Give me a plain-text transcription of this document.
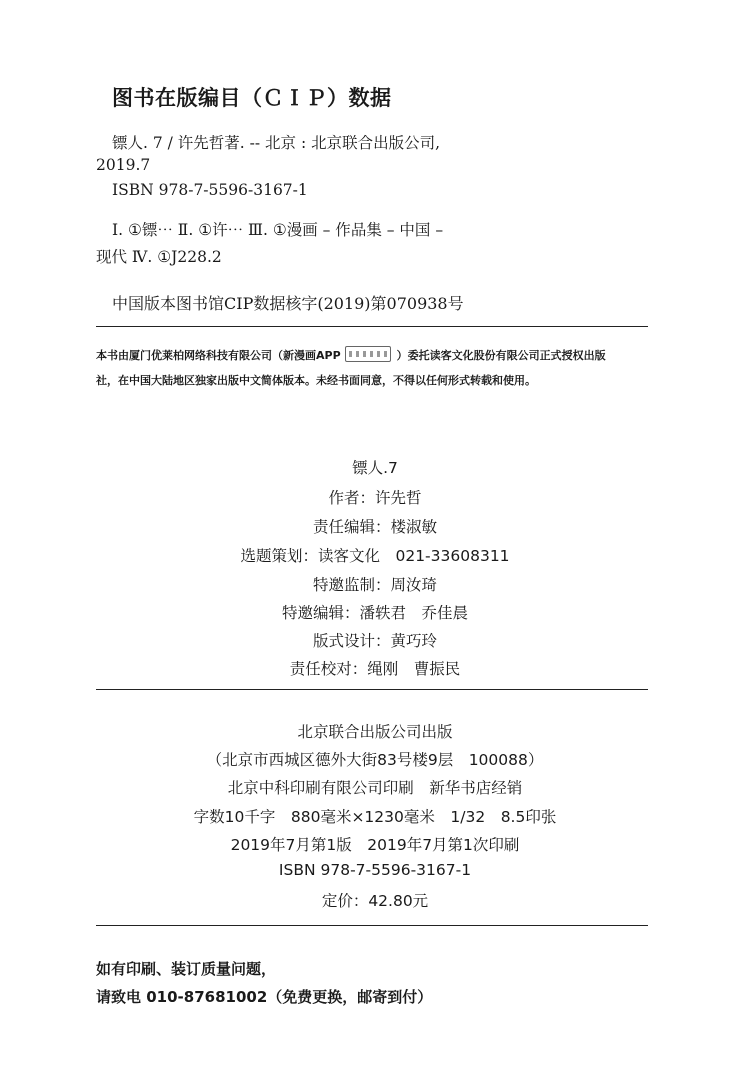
图书在版编目（ＣＩＰ）数据
镖人. 7 / 许先哲著. -- 北京 : 北京联合出版公司,
2019.7
ISBN 978-7-5596-3167-1
Ⅰ. ①镖⋯ Ⅱ. ①许⋯ Ⅲ. ①漫画 – 作品集 – 中国 –
现代 Ⅳ. ①J228.2
中国版本图书馆CIP数据核字(2019)第070938号
本书由厦门优莱柏网络科技有限公司（新漫画APP	）委托读客文化股份有限公司正式授权出版
社，在中国大陆地区独家出版中文简体版本。未经书面同意，不得以任何形式转载和使用。
镖人.7
作者：许先哲
责任编辑：楼淑敏
选题策划：读客文化　021-33608311
特邀监制：周汝琦
特邀编辑：潘轶君　乔佳晨
版式设计：黄巧玲
责任校对：绳刚　曹振民
北京联合出版公司出版
（北京市西城区德外大街83号楼9层　100088）
北京中科印刷有限公司印刷　新华书店经销
字数10千字　880毫米×1230毫米　1/32　8.5印张
2019年7月第1版　2019年7月第1次印刷
ISBN 978-7-5596-3167-1
定价：42.80元
如有印刷、装订质量问题，
请致电 010-87681002（免费更换，邮寄到付）
